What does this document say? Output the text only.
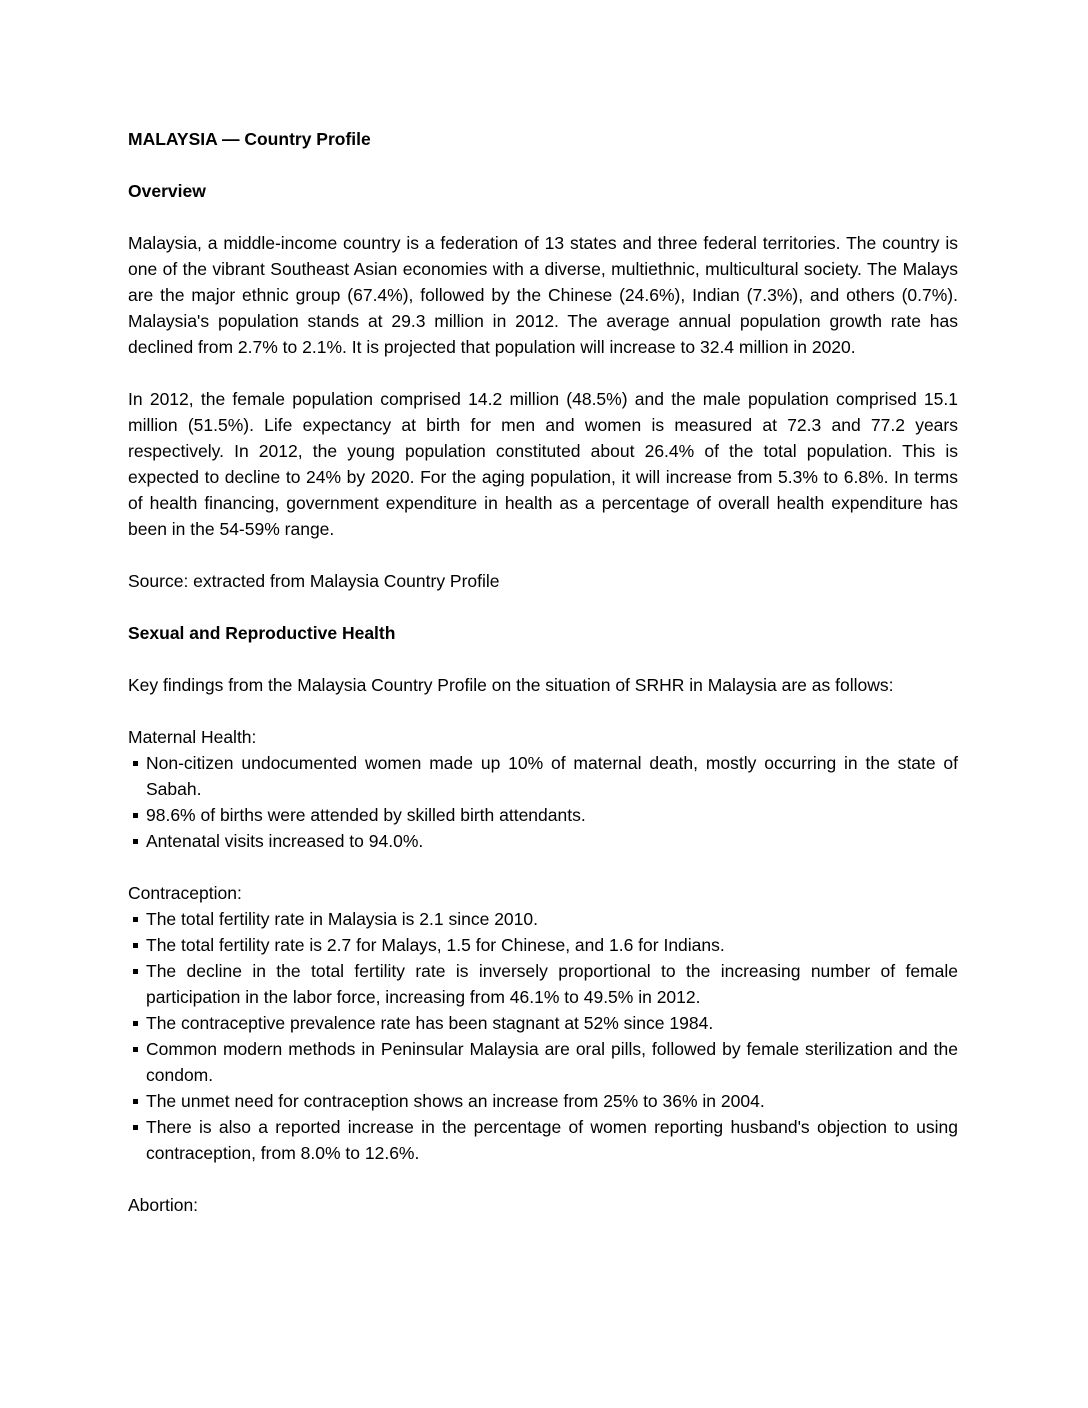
MALAYSIA — Country Profile
Overview
Malaysia, a middle-income country is a federation of 13 states and three federal territories. The country is one of the vibrant Southeast Asian economies with a diverse, multiethnic, multicultural society. The Malays are the major ethnic group (67.4%), followed by the Chinese (24.6%), Indian (7.3%), and others (0.7%). Malaysia's population stands at 29.3 million in 2012. The average annual population growth rate has declined from 2.7% to 2.1%. It is projected that population will increase to 32.4 million in 2020.
In 2012, the female population comprised 14.2 million (48.5%) and the male population comprised 15.1 million (51.5%). Life expectancy at birth for men and women is measured at 72.3 and 77.2 years respectively. In 2012, the young population constituted about 26.4% of the total population. This is expected to decline to 24% by 2020. For the aging population, it will increase from 5.3% to 6.8%. In terms of health financing, government expenditure in health as a percentage of overall health expenditure has been in the 54-59% range.
Source: extracted from Malaysia Country Profile
Sexual and Reproductive Health
Key findings from the Malaysia Country Profile on the situation of SRHR in Malaysia are as follows:
Maternal Health:
Non-citizen undocumented women made up 10% of maternal death, mostly occurring in the state of Sabah.
98.6% of births were attended by skilled birth attendants.
Antenatal visits increased to 94.0%.
Contraception:
The total fertility rate in Malaysia is 2.1 since 2010.
The total fertility rate is 2.7 for Malays, 1.5 for Chinese, and 1.6 for Indians.
The decline in the total fertility rate is inversely proportional to the increasing number of female participation in the labor force, increasing from 46.1% to 49.5% in 2012.
The contraceptive prevalence rate has been stagnant at 52% since 1984.
Common modern methods in Peninsular Malaysia are oral pills, followed by female sterilization and the condom.
The unmet need for contraception shows an increase from 25% to 36% in 2004.
There is also a reported increase in the percentage of women reporting husband's objection to using contraception, from 8.0% to 12.6%.
Abortion:
